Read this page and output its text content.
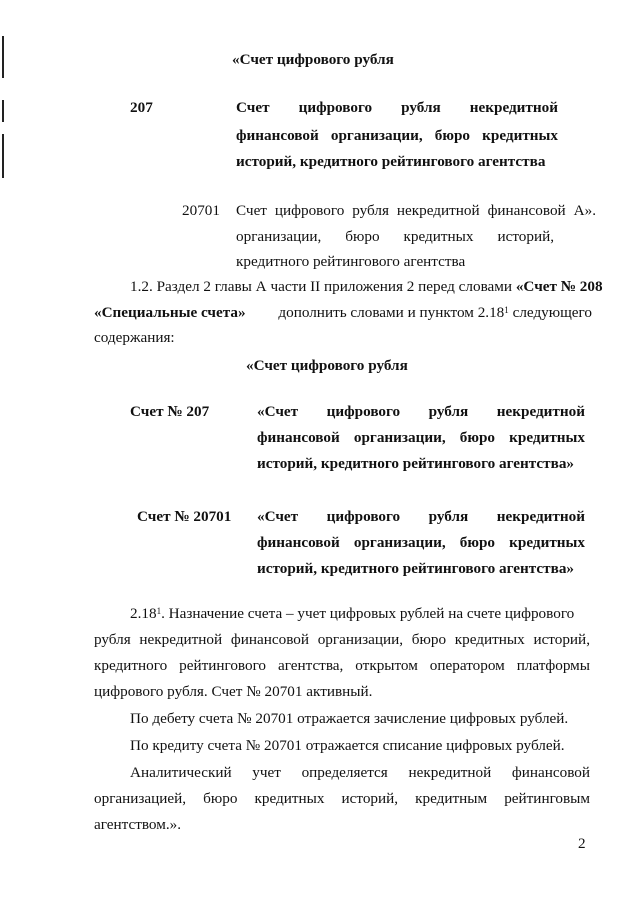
«Счет цифрового рубля
207	Счет цифрового рубля некредитной
финансовой организации, бюро кредитных
историй, кредитного рейтингового агентства
20701 Счет цифрового рубля некредитной финансовой А».
организации, бюро кредитных историй,
кредитного рейтингового агентства
1.2. Раздел 2 главы А части II приложения 2 перед словами «Счет № 208
«Специальные счета» дополнить словами и пунктом 2.18$^1$ следующего
содержания:
«Счет цифрового рубля
Счет № 207	«Счет цифрового рубля некредитной
финансовой организации, бюро кредитных
историй, кредитного рейтингового агентства»
Счет № 20701 «Счет цифрового рубля некредитной
финансовой организации, бюро кредитных
историй, кредитного рейтингового агентства»
2.18$^1$. Назначение счета – учет цифровых рублей на счете цифрового
рубля некредитной финансовой организации, бюро кредитных историй,
кредитного рейтингового агентства, открытом оператором платформы
цифрового рубля. Счет № 20701 активный.
По дебету счета № 20701 отражается зачисление цифровых рублей.
По кредиту счета № 20701 отражается списание цифровых рублей.
Аналитический учет определяется некредитной финансовой
организацией, бюро кредитных историй, кредитным рейтинговым
агентством.».
2
